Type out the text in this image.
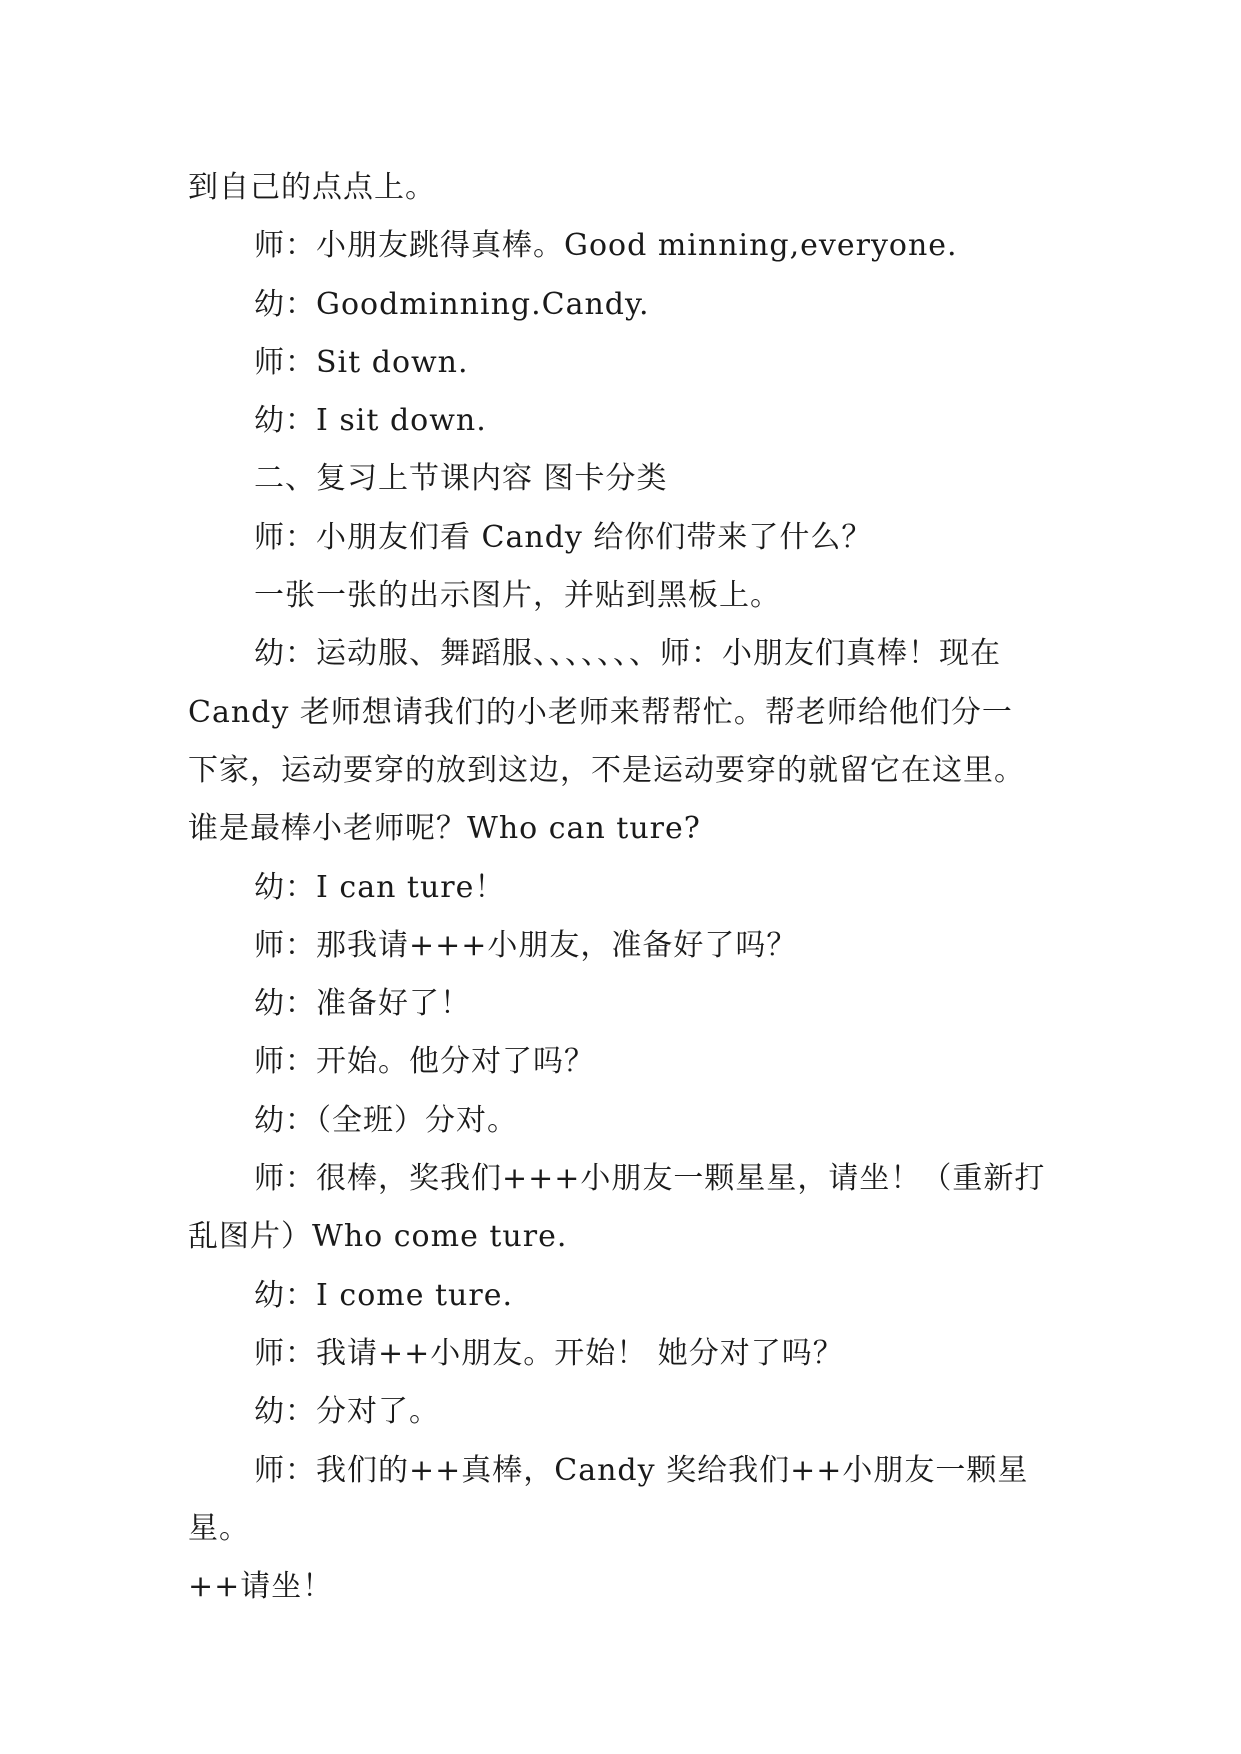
到自己的点点上。

师：小朋友跳得真棒。Good minning,everyone.

幼：Goodminning.Candy.

师：Sit down.

幼：I sit down.

二、复习上节课内容 图卡分类

师：小朋友们看 Candy 给你们带来了什么？

一张一张的出示图片，并贴到黑板上。

幼：运动服、舞蹈服、、、、、、、师：小朋友们真棒！现在

Candy 老师想请我们的小老师来帮帮忙。帮老师给他们分一

下家，运动要穿的放到这边，不是运动要穿的就留它在这里。

谁是最棒小老师呢？Who can ture?

幼：I can ture！

师：那我请+++小朋友，准备好了吗？

幼：准备好了！

师：开始。他分对了吗？

幼：（全班）分对。

师：很棒，奖我们+++小朋友一颗星星，请坐！（重新打

乱图片）Who come ture.

幼：I come ture.

师：我请++小朋友。开始！ 她分对了吗？

幼：分对了。

师：我们的++真棒，Candy 奖给我们++小朋友一颗星星。

++请坐！
